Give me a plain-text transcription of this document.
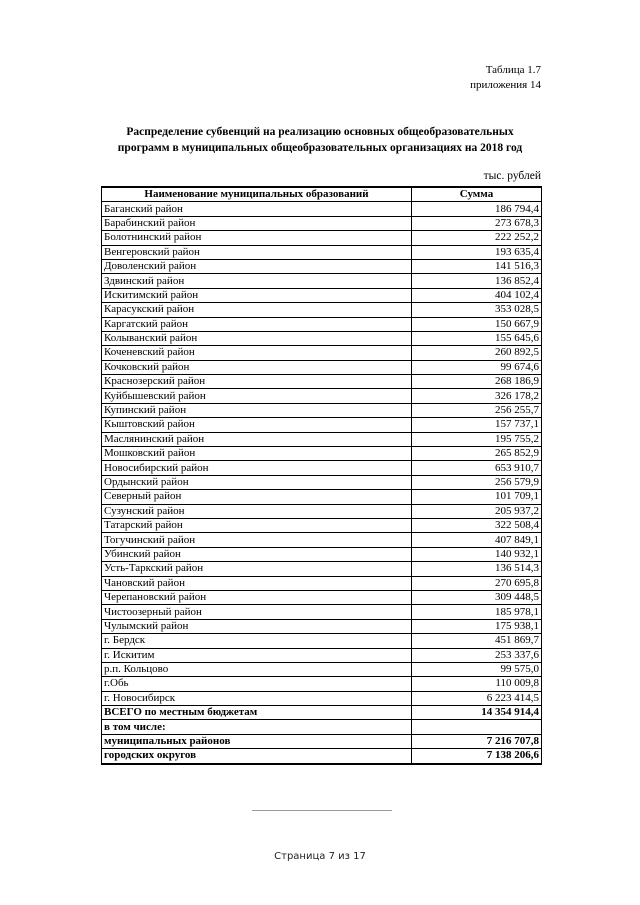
Таблица 1.7
приложения 14
Распределение субвенций на реализацию основных общеобразовательных
программ в муниципальных общеобразовательных организациях на 2018 год
тыс. рублей
Наименование муниципальных образований	Сумма
Баганский район	186 794,4
Барабинский район	273 678,3
Болотнинский район	222 252,2
Венгеровский район	193 635,4
Доволенский район	141 516,3
Здвинский район	136 852,4
Искитимский район	404 102,4
Карасукский район	353 028,5
Каргатский район	150 667,9
Колыванский район	155 645,6
Коченевский район	260 892,5
Кочковский район	99 674,6
Краснозерский район	268 186,9
Куйбышевский район	326 178,2
Купинский район	256 255,7
Кыштовский район	157 737,1
Маслянинский район	195 755,2
Мошковский район	265 852,9
Новосибирский район	653 910,7
Ордынский район	256 579,9
Северный район	101 709,1
Сузунский район	205 937,2
Татарский район	322 508,4
Тогучинский район	407 849,1
Убинский район	140 932,1
Усть-Таркский район	136 514,3
Чановский район	270 695,8
Черепановский район	309 448,5
Чистоозерный район	185 978,1
Чулымский район	175 938,1
г. Бердск	451 869,7
г. Искитим	253 337,6
р.п. Кольцово	99 575,0
г.Обь	110 009,8
г. Новосибирск	6 223 414,5
ВСЕГО по местным бюджетам	14 354 914,4
в том числе:	
муниципальных районов	7 216 707,8
городских округов	7 138 206,6
Страница 7 из 17
